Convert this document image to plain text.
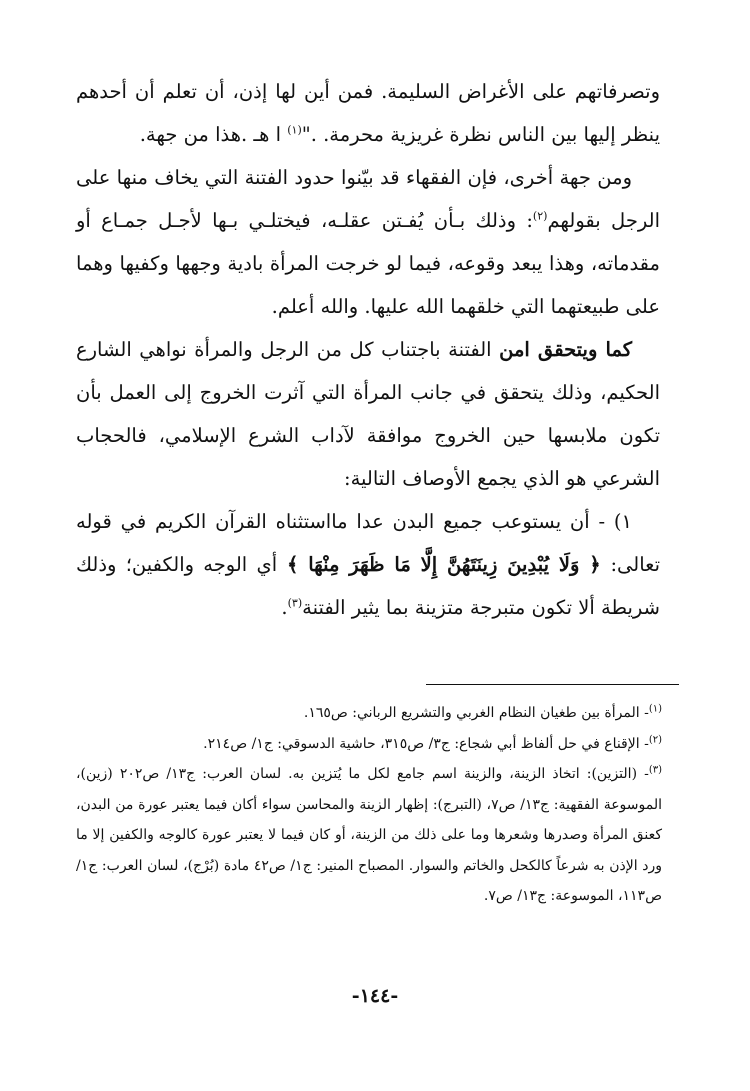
وتصرفاتهم على الأغراض السليمة. فمن أين لها إذن، أن تعلم أن أحدهم ينظر إليها بين الناس نظرة غريزية محرمة. ."$^{(١)}$ ا هـ .هذا من جهة.

ومن جهة أخرى، فإن الفقهاء قد بيّنوا حدود الفتنة التي يخاف منها على الرجل بقولهم$^{(٢)}$: وذلك بـأن يُفـتن عقلـه، فيختلـي بـها لأجـل جمـاع أو مقدماته، وهذا يبعد وقوعه، فيما لو خرجت المرأة بادية وجهها وكفيها وهما على طبيعتهما التي خلقهما الله عليها. والله أعلم.

كما ويتحقق امن الفتنة باجتناب كل من الرجل والمرأة نواهي الشارع الحكيم، وذلك يتحقق في جانب المرأة التي آثرت الخروج إلى العمل بأن تكون ملابسها حين الخروج موافقة لآداب الشرع الإسلامي، فالحجاب الشرعي هو الذي يجمع الأوصاف التالية:

١) - أن يستوعب جميع البدن عدا مااستثناه القرآن الكريم في قوله تعالى: ﴿ وَلَا يُبْدِينَ زِينَتَهُنَّ إِلَّا مَا ظَهَرَ مِنْهَا ﴾ أي الوجه والكفين؛ وذلك شريطة ألا تكون متبرجة متزينة بما يثير الفتنة$^{(٣)}$.

$^{(١)}$- المرأة بين طغيان النظام الغربي والتشريع الرباني: ص١٦٥.

$^{(٢)}$- الإقناع في حل ألفاظ أبي شجاع: ج٣/ ص٣١٥، حاشية الدسوقي: ج١/ ص٢١٤.

$^{(٣)}$- (التزين): اتخاذ الزينة، والزينة اسم جامع لكل ما يُتزين به. لسان العرب: ج١٣/ ص٢٠٢ (زين)، الموسوعة الفقهية: ج١٣/ ص٧، (التبرج): إظهار الزينة والمحاسن سواء أكان فيما يعتبر عورة من البدن، كعنق المرأة وصدرها وشعرها وما على ذلك من الزينة، أو كان فيما لا يعتبر عورة كالوجه والكفين إلا ما ورد الإذن به شرعاً كالكحل والخاتم والسوار. المصباح المنير: ج١/ ص٤٢ مادة (بُرْج)، لسان العرب: ج١/ ص١١٣، الموسوعة: ج١٣/ ص٧.

-١٤٤-
